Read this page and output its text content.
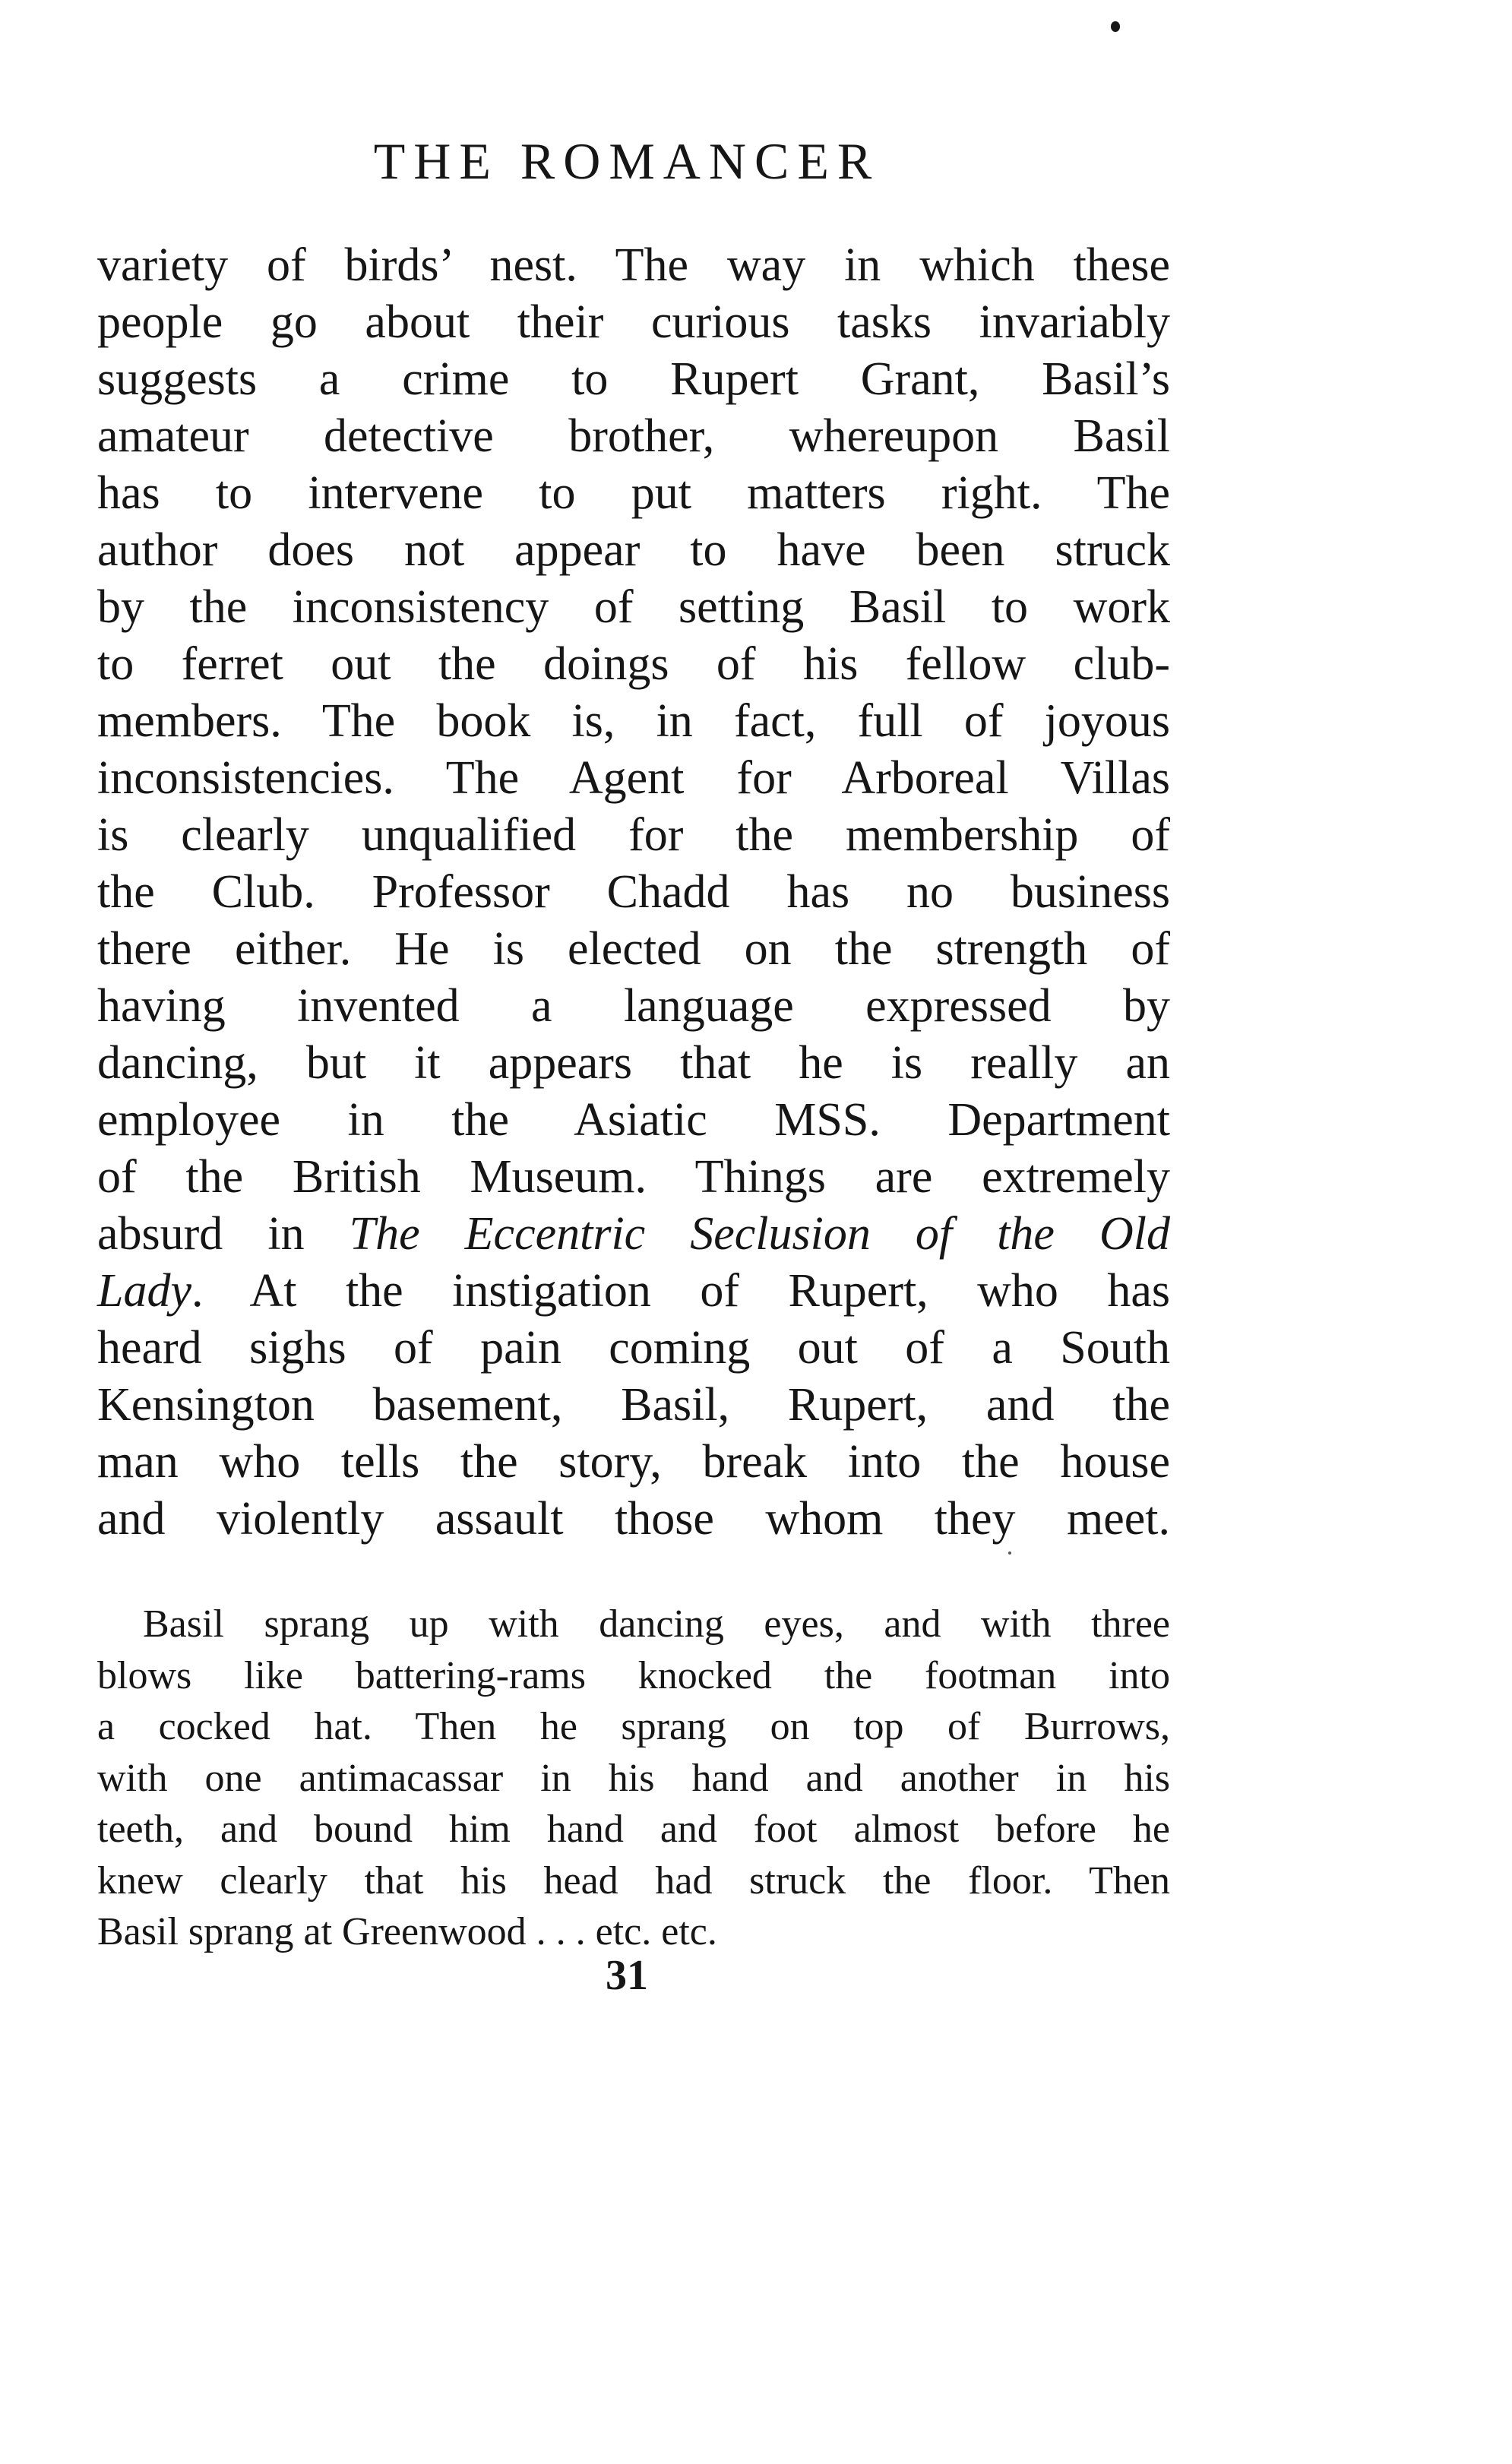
THE ROMANCER
variety of birds’ nest. The way in which these
people go about their curious tasks invariably
suggests a crime to Rupert Grant, Basil’s
amateur detective brother, whereupon Basil
has to intervene to put matters right. The
author does not appear to have been struck
by the inconsistency of setting Basil to work
to ferret out the doings of his fellow club-
members. The book is, in fact, full of joyous
inconsistencies. The Agent for Arboreal Villas
is clearly unqualified for the membership of
the Club. Professor Chadd has no business
there either. He is elected on the strength of
having invented a language expressed by
dancing, but it appears that he is really an
employee in the Asiatic MSS. Department
of the British Museum. Things are extremely
absurd in The Eccentric Seclusion of the Old
Lady. At the instigation of Rupert, who has
heard sighs of pain coming out of a South
Kensington basement, Basil, Rupert, and the
man who tells the story, break into the house
and violently assault those whom they meet.
Basil sprang up with dancing eyes, and with three
blows like battering-rams knocked the footman into
a cocked hat. Then he sprang on top of Burrows,
with one antimacassar in his hand and another in his
teeth, and bound him hand and foot almost before he
knew clearly that his head had struck the floor. Then
Basil sprang at Greenwood . . . etc. etc.
31
